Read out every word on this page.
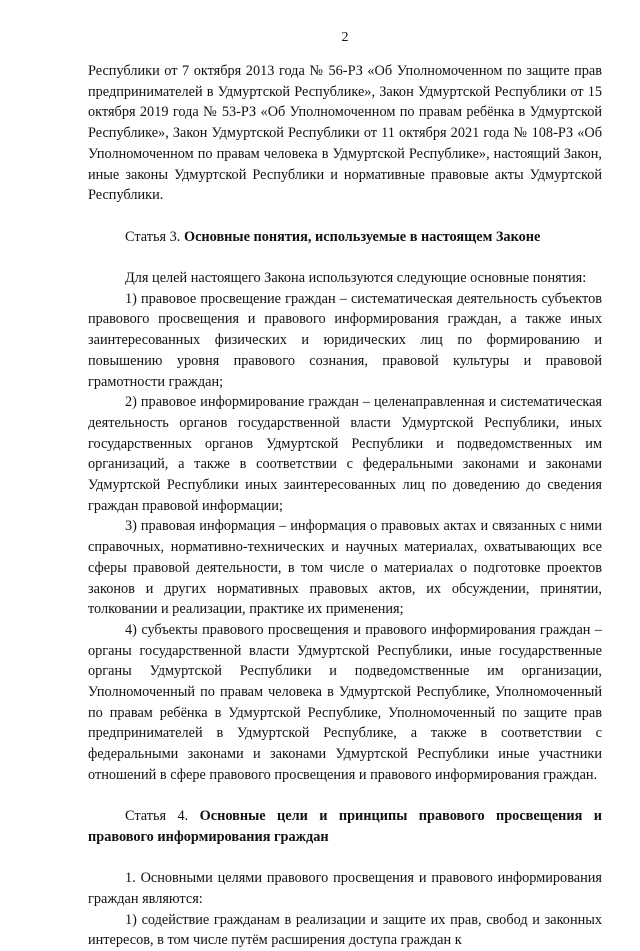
2

Республики от 7 октября 2013 года № 56-РЗ «Об Уполномоченном по защите прав предпринимателей в Удмуртской Республике», Закон Удмуртской Республики от 15 октября 2019 года № 53-РЗ «Об Уполномоченном по правам ребёнка в Удмуртской Республике», Закон Удмуртской Республики от 11 октября 2021 года № 108-РЗ «Об Уполномоченном по правам человека в Удмуртской Республике», настоящий Закон, иные законы Удмуртской Республики и нормативные правовые акты Удмуртской Республики.

Статья 3. Основные понятия, используемые в настоящем Законе

Для целей настоящего Закона используются следующие основные понятия:

1) правовое просвещение граждан – систематическая деятельность субъектов правового просвещения и правового информирования граждан, а также иных заинтересованных физических и юридических лиц по формированию и повышению уровня правового сознания, правовой культуры и правовой грамотности граждан;

2) правовое информирование граждан – целенаправленная и систематическая деятельность органов государственной власти Удмуртской Республики, иных государственных органов Удмуртской Республики и подведомственных им организаций, а также в соответствии с федеральными законами и законами Удмуртской Республики иных заинтересованных лиц по доведению до сведения граждан правовой информации;

3) правовая информация – информация о правовых актах и связанных с ними справочных, нормативно-технических и научных материалах, охватывающих все сферы правовой деятельности, в том числе о материалах о подготовке проектов законов и других нормативных правовых актов, их обсуждении, принятии, толковании и реализации, практике их применения;

4) субъекты правового просвещения и правового информирования граждан – органы государственной власти Удмуртской Республики, иные государственные органы Удмуртской Республики и подведомственные им организации, Уполномоченный по правам человека в Удмуртской Республике, Уполномоченный по правам ребёнка в Удмуртской Республике, Уполномоченный по защите прав предпринимателей в Удмуртской Республике, а также в соответствии с федеральными законами и законами Удмуртской Республики иные участники отношений в сфере правового просвещения и правового информирования граждан.

Статья 4. Основные цели и принципы правового просвещения и правового информирования граждан

1. Основными целями правового просвещения и правового информирования граждан являются:

1) содействие гражданам в реализации и защите их прав, свобод и законных интересов, в том числе путём расширения доступа граждан к
